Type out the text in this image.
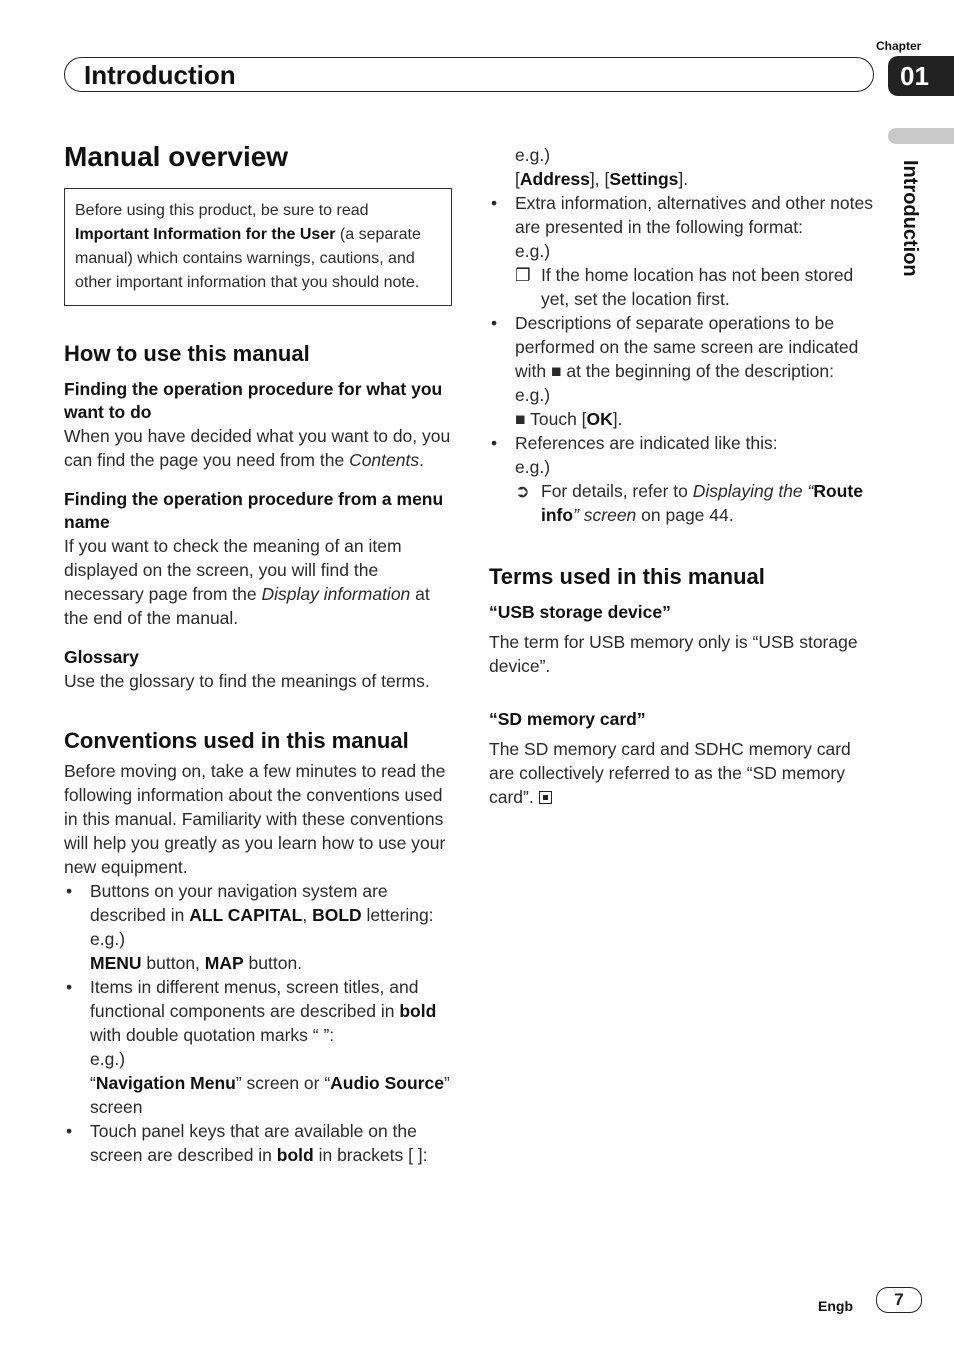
Chapter
Introduction	01
Introduction
Manual overview
Before using this product, be sure to read Important Information for the User (a separate manual) which contains warnings, cautions, and other important information that you should note.
How to use this manual
Finding the operation procedure for what you want to do

When you have decided what you want to do, you can find the page you need from the Contents.

Finding the operation procedure from a menu name

If you want to check the meaning of an item displayed on the screen, you will find the necessary page from the Display information at the end of the manual.

Glossary

Use the glossary to find the meanings of terms.

Conventions used in this manual

Before moving on, take a few minutes to read the following information about the conventions used in this manual. Familiarity with these conventions will help you greatly as you learn how to use your new equipment.

• Buttons on your navigation system are described in ALL CAPITAL, BOLD lettering:
e.g.)
MENU button, MAP button.
• Items in different menus, screen titles, and functional components are described in bold with double quotation marks “ ”:
e.g.)
“Navigation Menu” screen or “Audio Source” screen
• Touch panel keys that are available on the screen are described in bold in brackets [ ]:
e.g.)
[Address], [Settings].
• Extra information, alternatives and other notes are presented in the following format:
e.g.)
❐ If the home location has not been stored yet, set the location first.
• Descriptions of separate operations to be performed on the same screen are indicated with ■ at the beginning of the description:
e.g.)
■ Touch [OK].
• References are indicated like this:
e.g.)
➲ For details, refer to Displaying the “Route info” screen on page 44.
Terms used in this manual
“USB storage device”

The term for USB memory only is “USB storage device”.

“SD memory card”

The SD memory card and SDHC memory card are collectively referred to as the “SD memory card”.

Engb	7
